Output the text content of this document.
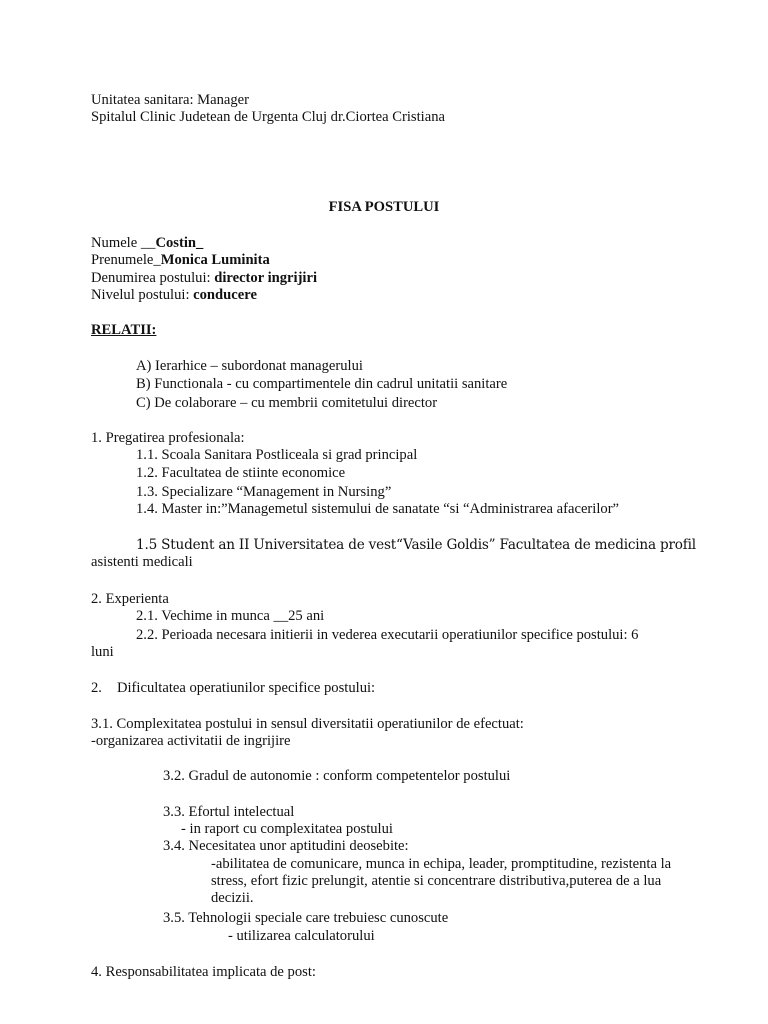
Unitatea sanitara: Manager
Spitalul Clinic Judetean de Urgenta Cluj dr.Ciortea Cristiana
FISA POSTULUI
Numele __Costin_
Prenumele_Monica Luminita
Denumirea postului: director ingrijiri
Nivelul postului: conducere
RELATII:
A) Ierarhice – subordonat managerului
B) Functionala - cu compartimentele din cadrul unitatii sanitare
C) De colaborare – cu membrii comitetului director
1. Pregatirea profesionala:
1.1. Scoala Sanitara Postliceala si grad principal
1.2. Facultatea de stiinte economice
1.3. Specializare “Management in Nursing”
1.4. Master in:”Managemetul sistemului de sanatate “si “Administrarea afacerilor”
1.5 Student an II Universitatea de vest“Vasile Goldis” Facultatea de medicina profil
asistenti medicali
2. Experienta
2.1. Vechime in munca __25 ani
2.2. Perioada necesara initierii in vederea executarii operatiunilor specifice postului: 6
luni
2. Dificultatea operatiunilor specifice postului:
3.1. Complexitatea postului in sensul diversitatii operatiunilor de efectuat:
-organizarea activitatii de ingrijire
3.2. Gradul de autonomie : conform competentelor postului
3.3. Efortul intelectual
- in raport cu complexitatea postului
3.4. Necesitatea unor aptitudini deosebite:
-abilitatea de comunicare, munca in echipa, leader, promptitudine, rezistenta la
stress, efort fizic prelungit, atentie si concentrare distributiva,puterea de a lua
decizii.
3.5. Tehnologii speciale care trebuiesc cunoscute
- utilizarea calculatorului
4. Responsabilitatea implicata de post:
